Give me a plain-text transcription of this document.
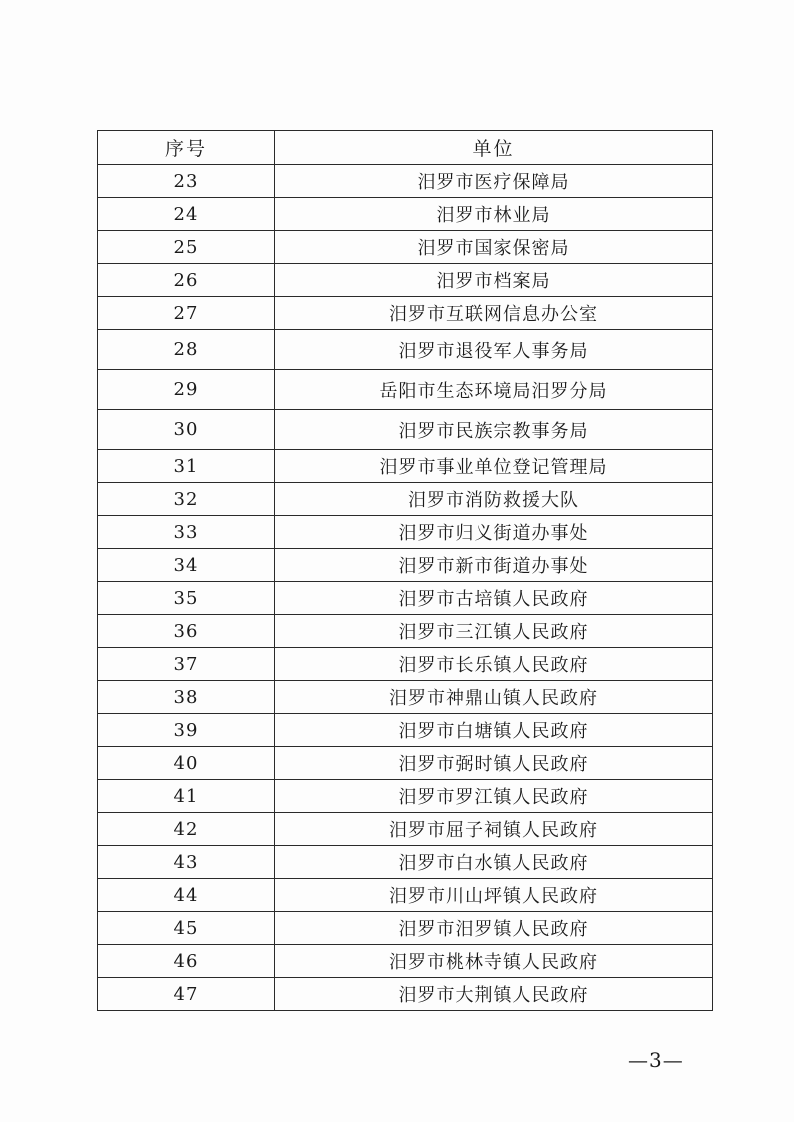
序号	单位
23	汨罗市医疗保障局
24	汨罗市林业局
25	汨罗市国家保密局
26	汨罗市档案局
27	汨罗市互联网信息办公室
28	汨罗市退役军人事务局
29	岳阳市生态环境局汨罗分局
30	汨罗市民族宗教事务局
31	汨罗市事业单位登记管理局
32	汨罗市消防救援大队
33	汨罗市归义街道办事处
34	汨罗市新市街道办事处
35	汨罗市古培镇人民政府
36	汨罗市三江镇人民政府
37	汨罗市长乐镇人民政府
38	汨罗市神鼎山镇人民政府
39	汨罗市白塘镇人民政府
40	汨罗市弼时镇人民政府
41	汨罗市罗江镇人民政府
42	汨罗市屈子祠镇人民政府
43	汨罗市白水镇人民政府
44	汨罗市川山坪镇人民政府
45	汨罗市汨罗镇人民政府
46	汨罗市桃林寺镇人民政府
47	汨罗市大荆镇人民政府
—3—
